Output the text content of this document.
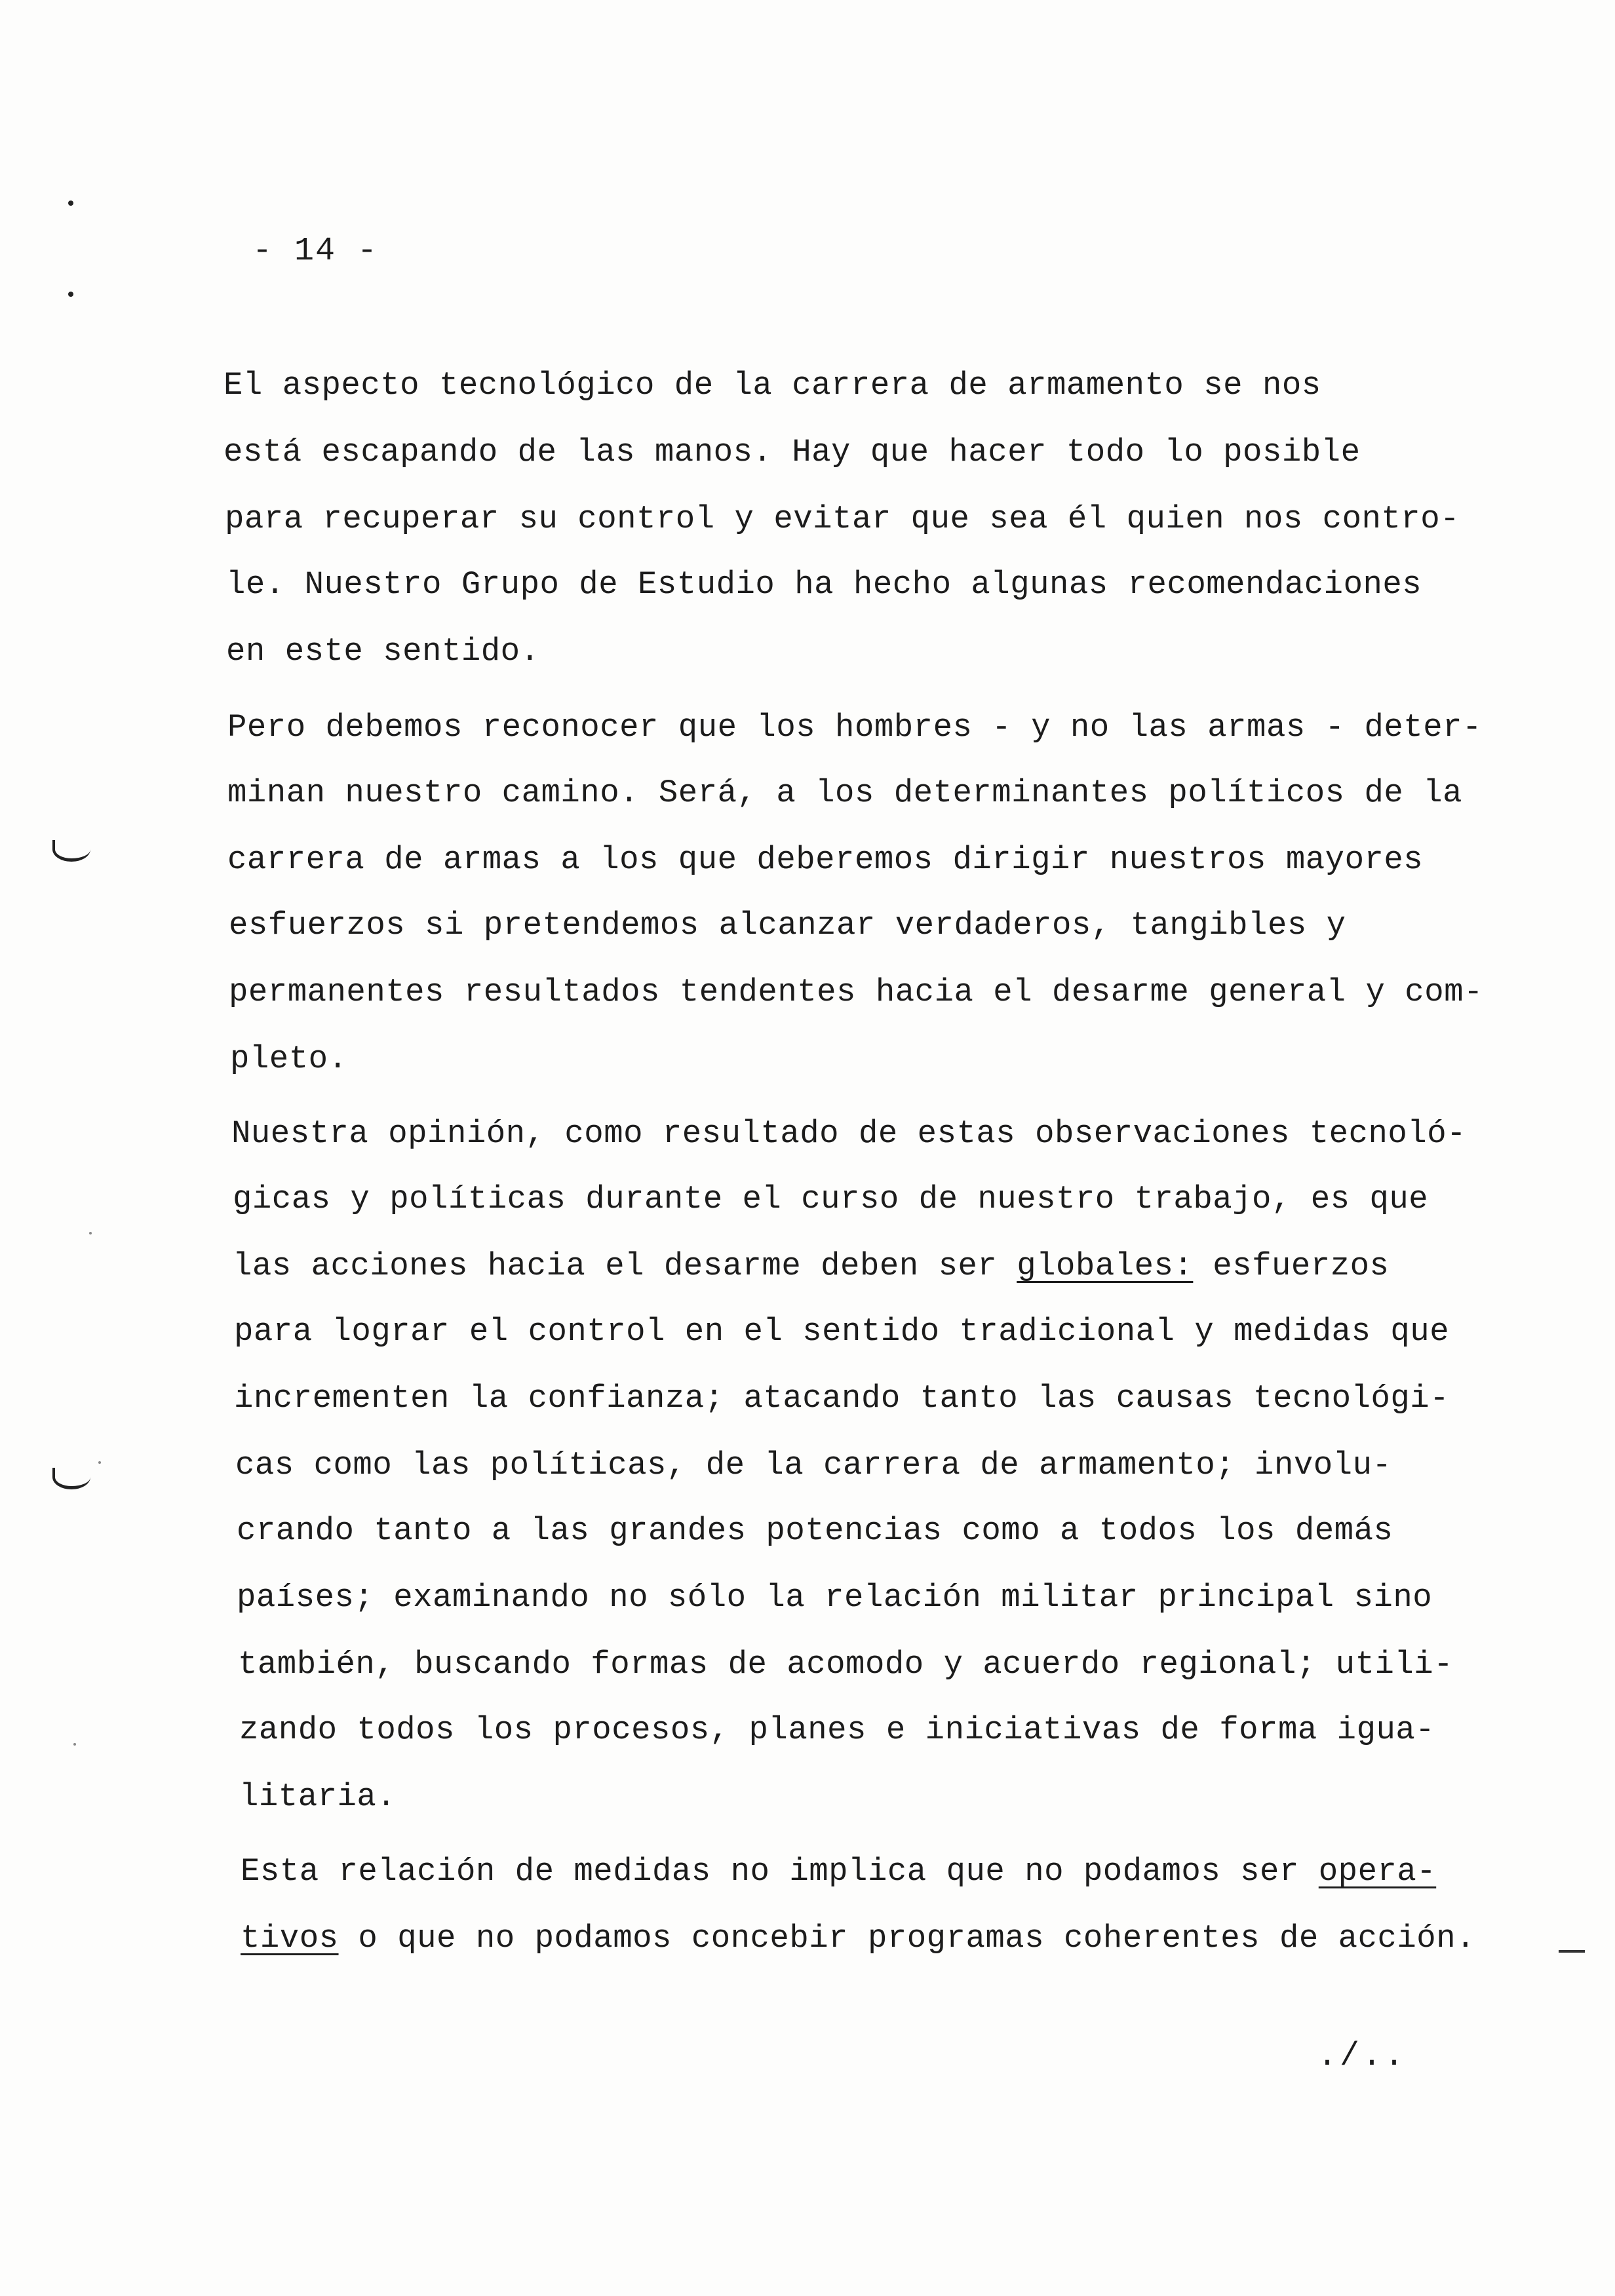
- 14 -
El aspecto tecnológico de la carrera de armamento se nos
está escapando de las manos. Hay que hacer todo lo posible
para recuperar su control y evitar que sea él quien nos contro-
le. Nuestro Grupo de Estudio ha hecho algunas recomendaciones
en este sentido.
Pero debemos reconocer que los hombres - y no las armas - deter-
minan nuestro camino. Será, a los determinantes políticos de la
carrera de armas a los que deberemos dirigir nuestros mayores
esfuerzos si pretendemos alcanzar verdaderos, tangibles y
permanentes resultados tendentes hacia el desarme general y com-
pleto.
Nuestra opinión, como resultado de estas observaciones tecnoló-
gicas y políticas durante el curso de nuestro trabajo, es que
las acciones hacia el desarme deben ser globales: esfuerzos
para lograr el control en el sentido tradicional y medidas que
incrementen la confianza; atacando tanto las causas tecnológi-
cas como las políticas, de la carrera de armamento; involu-
crando tanto a las grandes potencias como a todos los demás
países; examinando no sólo la relación militar principal sino
también, buscando formas de acomodo y acuerdo regional; utili-
zando todos los procesos, planes e iniciativas de forma igua-
litaria.
Esta relación de medidas no implica que no podamos ser opera-
tivos o que no podamos concebir programas coherentes de acción.
./..
